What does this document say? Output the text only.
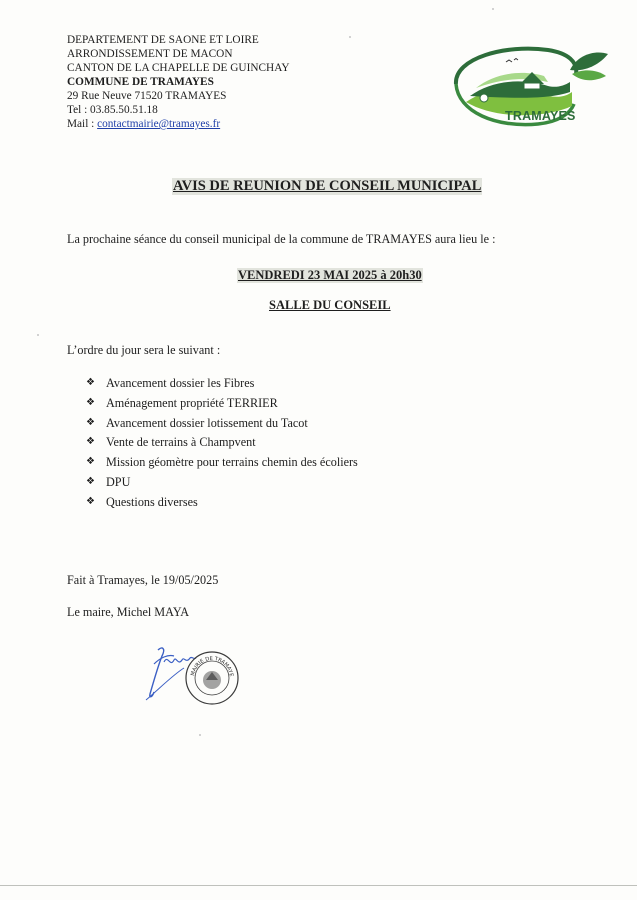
DEPARTEMENT DE SAONE ET LOIRE
ARRONDISSEMENT DE MACON
CANTON DE LA CHAPELLE DE GUINCHAY
COMMUNE DE TRAMAYES
29 Rue Neuve 71520 TRAMAYES
Tel : 03.85.50.51.18
Mail : contactmairie@tramayes.fr
TRAMAYES
AVIS DE REUNION DE CONSEIL MUNICIPAL
La prochaine séance du conseil municipal de la commune de TRAMAYES aura lieu le :
VENDREDI 23 MAI 2025 à 20h30
SALLE DU CONSEIL
L’ordre du jour sera le suivant :
❖ Avancement dossier les Fibres
❖ Aménagement propriété TERRIER
❖ Avancement dossier lotissement du Tacot
❖ Vente de terrains à Champvent
❖ Mission géomètre pour terrains chemin des écoliers
❖ DPU
❖ Questions diverses
Fait à Tramayes, le 19/05/2025
Le maire, Michel MAYA
MAIRIE DE TRAMAYE
